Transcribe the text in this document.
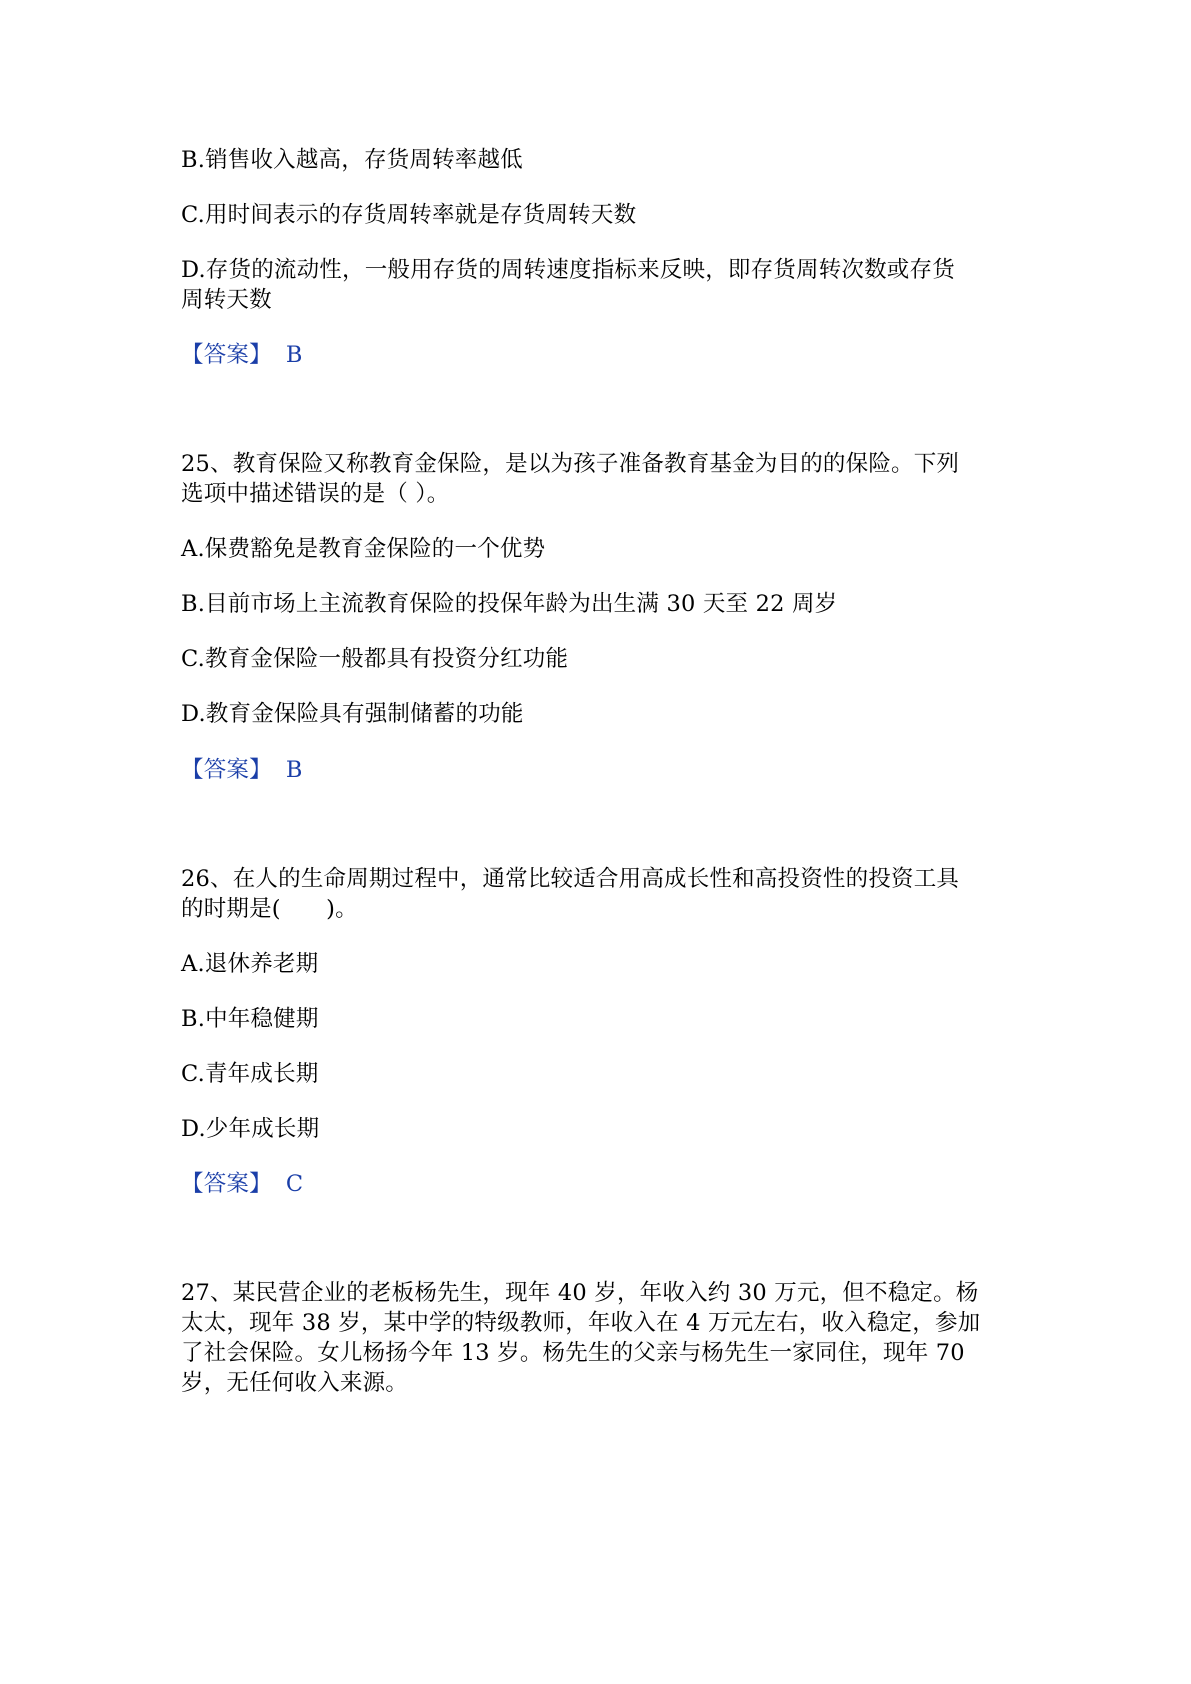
B.销售收入越高，存货周转率越低
C.用时间表示的存货周转率就是存货周转天数
D.存货的流动性，一般用存货的周转速度指标来反映，即存货周转次数或存货
周转天数
【答案】 B
25、教育保险又称教育金保险，是以为孩子准备教育基金为目的的保险。下列
选项中描述错误的是（ ）。
A.保费豁免是教育金保险的一个优势
B.目前市场上主流教育保险的投保年龄为出生满 30 天至 22 周岁
C.教育金保险一般都具有投资分红功能
D.教育金保险具有强制储蓄的功能
【答案】 B
26、在人的生命周期过程中，通常比较适合用高成长性和高投资性的投资工具
的时期是(　　)。
A.退休养老期
B.中年稳健期
C.青年成长期
D.少年成长期
【答案】 C
27、某民营企业的老板杨先生，现年 40 岁，年收入约 30 万元，但不稳定。杨
太太，现年 38 岁，某中学的特级教师，年收入在 4 万元左右，收入稳定，参加
了社会保险。女儿杨扬今年 13 岁。杨先生的父亲与杨先生一家同住，现年 70
岁，无任何收入来源。
